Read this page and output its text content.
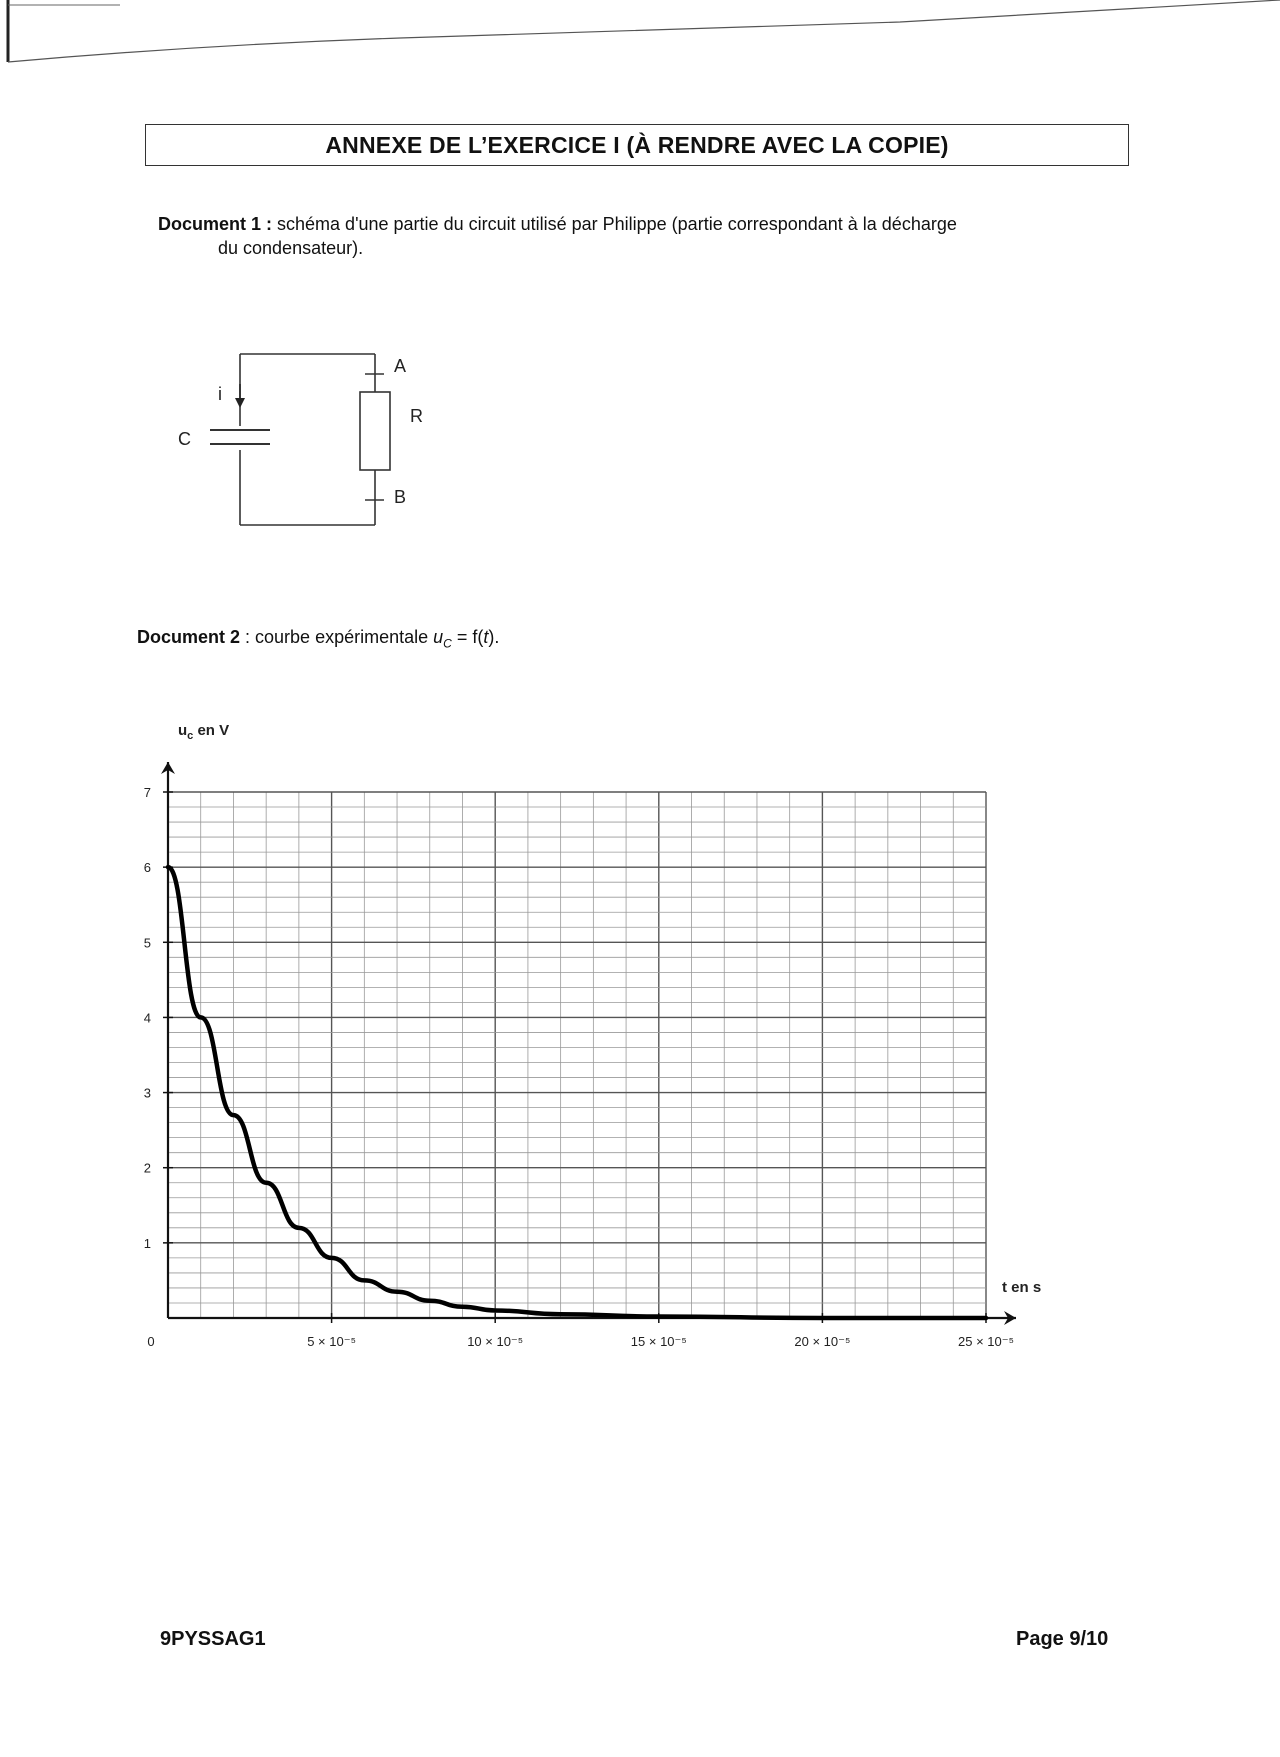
ANNEXE DE L’EXERCICE I (À RENDRE AVEC LA COPIE)
Document 1 : schéma d'une partie du circuit utilisé par Philippe (partie correspondant à la décharge
du condensateur).
i
C
R
A
B
Document 2 : courbe expérimentale $u_C = f(t)$.
0	5 × 10⁻⁵	10 × 10⁻⁵	15 × 10⁻⁵	20 × 10⁻⁵	25 × 10⁻⁵
1
2
3
4
5
6
7
$u_c$ en V
t en s
9PYSSAG1	Page 9/10
